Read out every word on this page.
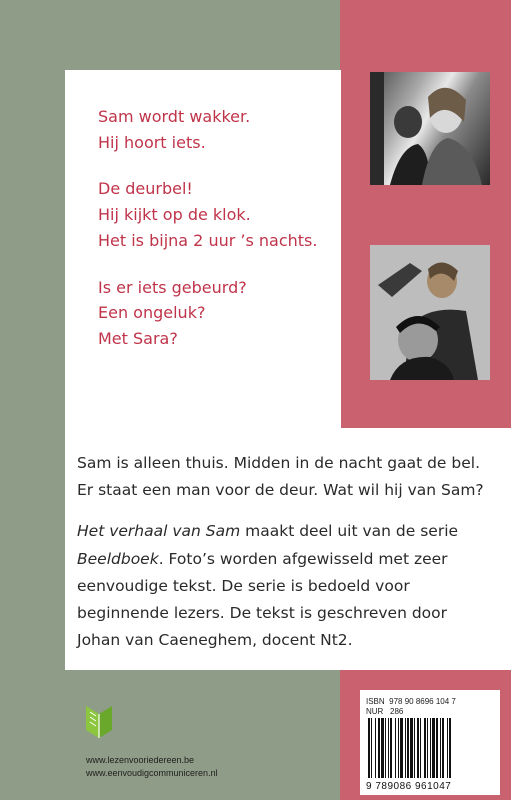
Sam wordt wakker.
Hij hoort iets.
De deurbel!
Hij kijkt op de klok.
Het is bijna 2 uur ’s nachts.
Is er iets gebeurd?
Een ongeluk?
Met Sara?
Sam is alleen thuis. Midden in de nacht gaat de bel.
Er staat een man voor de deur. Wat wil hij van Sam?
Het verhaal van Sam maakt deel uit van de serie
Beeldboek. Foto’s worden afgewisseld met zeer
eenvoudige tekst. De serie is bedoeld voor
beginnende lezers. De tekst is geschreven door
Johan van Caeneghem, docent Nt2.
www.lezenvooriedereen.be
www.eenvoudigcommuniceren.nl
ISBN 978 90 8696 104 7
NUR 286
9 789086 961047
